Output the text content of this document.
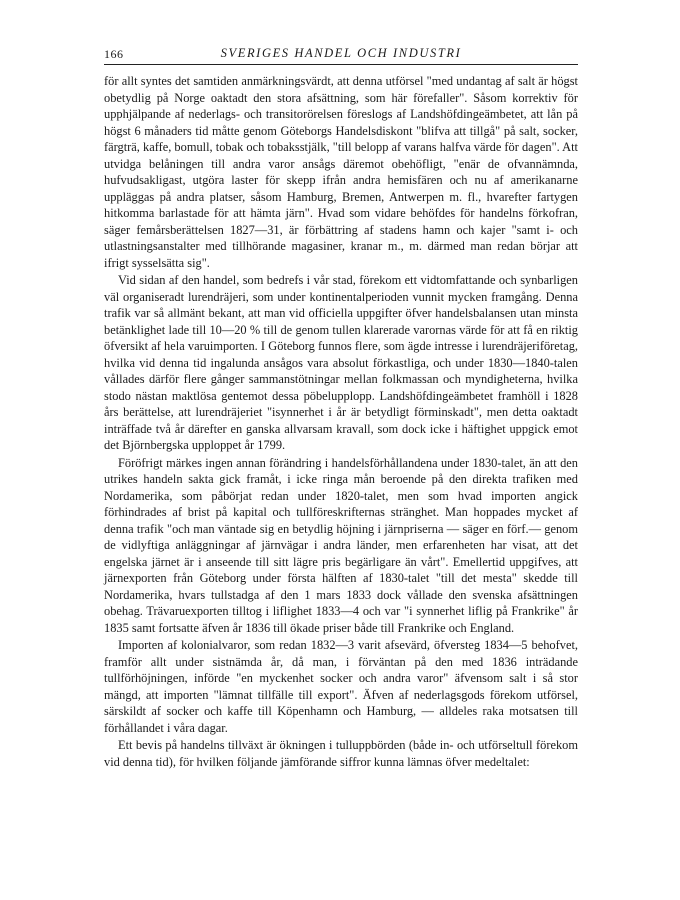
166	SVERIGES HANDEL OCH INDUSTRI

för allt syntes det samtiden anmärkningsvärdt, att denna utförsel "med undantag af salt är högst obetydlig på Norge oaktadt den stora afsättning, som här förefaller". Såsom korrektiv för upphjälpande af nederlags- och transitorörelsen föreslogs af Landshöfdingeämbetet, att lån på högst 6 månaders tid måtte genom Göteborgs Handelsdiskont "blifva att tillgå" på salt, socker, färgträ, kaffe, bomull, tobak och tobaksstjälk, "till belopp af varans halfva värde för dagen". Att utvidga belåningen till andra varor ansågs däremot obehöfligt, "enär de ofvannämnda, hufvudsakligast, utgöra laster för skepp ifrån andra hemisfären och nu af amerikanarne uppläggas på andra platser, såsom Hamburg, Bremen, Antwerpen m. fl., hvarefter fartygen hitkomma barlastade för att hämta järn". Hvad som vidare behöfdes för handelns förkofran, säger femårsberättelsen 1827—31, är förbättring af stadens hamn och kajer "samt i- och utlastningsanstalter med tillhörande magasiner, kranar m., m. därmed man redan börjar att ifrigt sysselsätta sig".

Vid sidan af den handel, som bedrefs i vår stad, förekom ett vidtomfattande och synbarligen väl organiseradt lurendräjeri, som under kontinentalperioden vunnit mycken framgång. Denna trafik var så allmänt bekant, att man vid officiella uppgifter öfver handelsbalansen utan minsta betänklighet lade till 10—20 % till de genom tullen klarerade varornas värde för att få en riktig öfversikt af hela varuimporten. I Göteborg funnos flere, som ägde intresse i lurendräjeriföretag, hvilka vid denna tid ingalunda ansågos vara absolut förkastliga, och under 1830—1840-talen vållades därför flere gånger sammanstötningar mellan folkmassan och myndigheterna, hvilka stodo nästan maktlösa gentemot dessa pöbelupplopp. Landshöfdingeämbetet framhöll i 1828 års berättelse, att lurendräjeriet "isynnerhet i år är betydligt förminskadt", men detta oaktadt inträffade två år därefter en ganska allvarsam kravall, som dock icke i häftighet uppgick emot det Björnbergska upploppet år 1799.

Föröfrigt märkes ingen annan förändring i handelsförhållandena under 1830-talet, än att den utrikes handeln sakta gick framåt, i icke ringa mån beroende på den direkta trafiken med Nordamerika, som påbörjat redan under 1820-talet, men som hvad importen angick förhindrades af brist på kapital och tullföreskrifternas stränghet. Man hoppades mycket af denna trafik "och man väntade sig en betydlig höjning i järnpriserna — säger en förf.— genom de vidlyftiga anläggningar af järnvägar i andra länder, men erfarenheten har visat, att det engelska järnet är i anseende till sitt lägre pris begärligare än vårt". Emellertid uppgifves, att järnexporten från Göteborg under första hälften af 1830-talet "till det mesta" skedde till Nordamerika, hvars tullstadga af den 1 mars 1833 dock vållade den svenska afsättningen obehag. Trävaruexporten tilltog i liflighet 1833—4 och var "i synnerhet liflig på Frankrike" år 1835 samt fortsatte äfven år 1836 till ökade priser både till Frankrike och England.

Importen af kolonialvaror, som redan 1832—3 varit afsevärd, öfversteg 1834—5 behofvet, framför allt under sistnämda år, då man, i förväntan på den med 1836 inträdande tullförhöjningen, införde "en myckenhet socker och andra varor" äfvensom salt i så stor mängd, att importen "lämnat tillfälle till export". Äfven af nederlagsgods förekom utförsel, särskildt af socker och kaffe till Köpenhamn och Hamburg, — alldeles raka motsatsen till förhållandet i våra dagar.

Ett bevis på handelns tillväxt är ökningen i tulluppbörden (både in- och utförseltull förekom vid denna tid), för hvilken följande jämförande siffror kunna lämnas öfver medeltalet:
